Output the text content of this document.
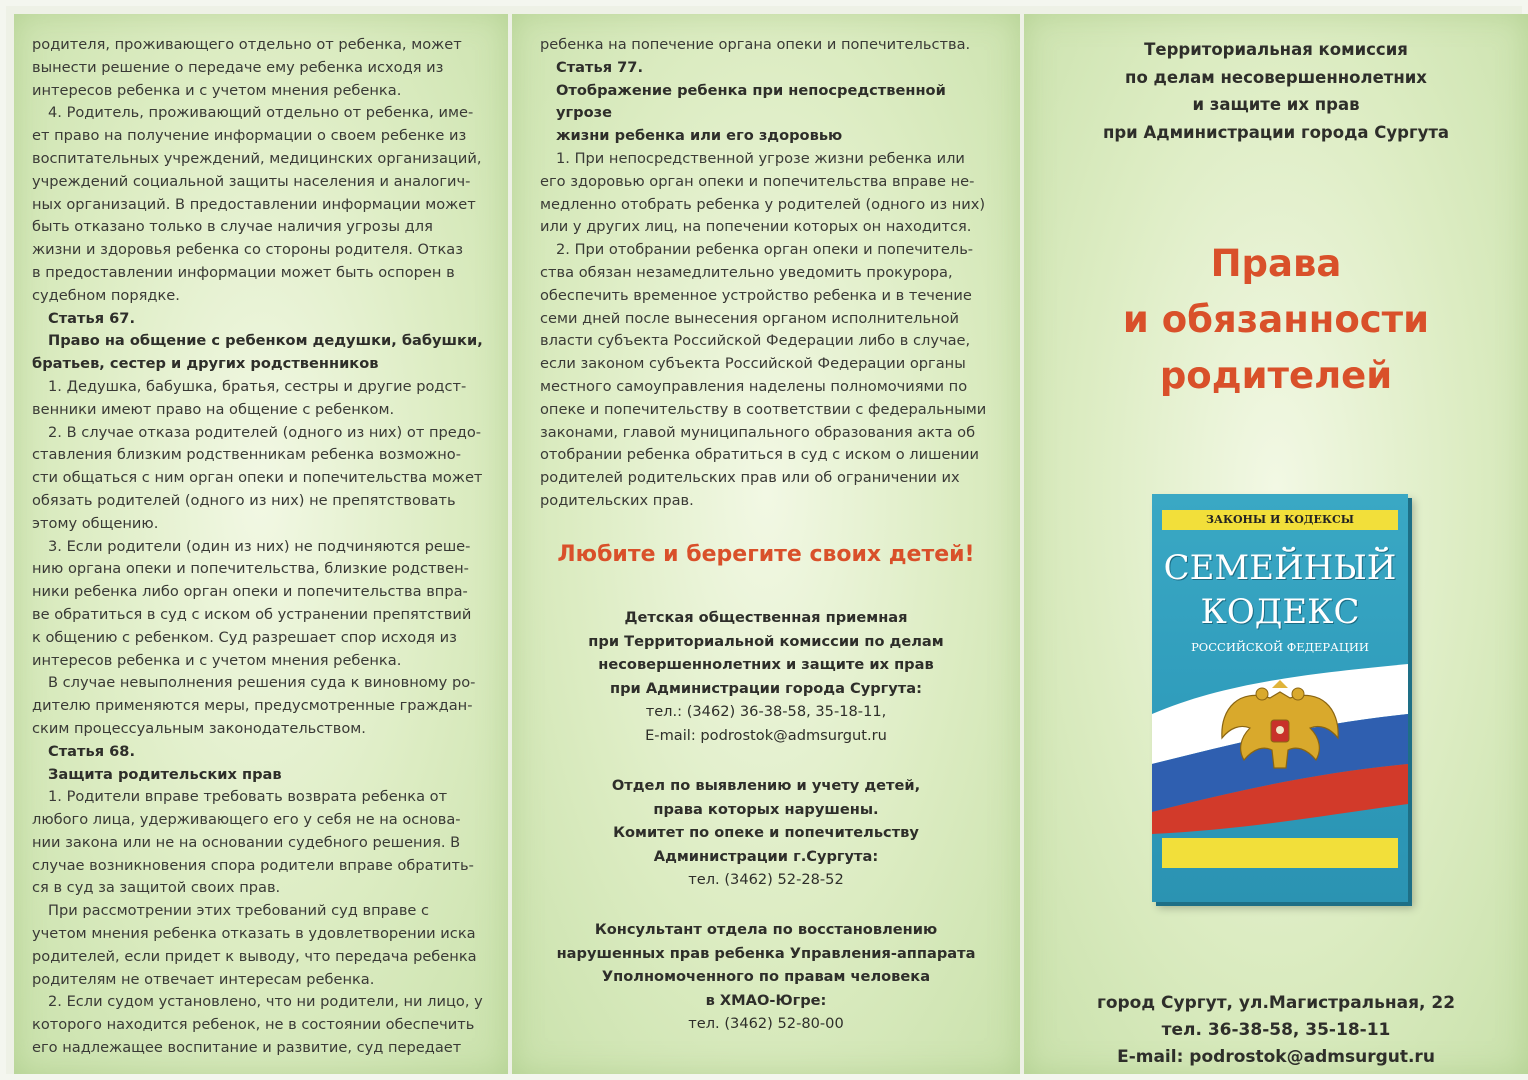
родителя, проживающего отдельно от ребенка, может

вынести решение о передаче ему ребенка исходя из

интересов ребенка и с учетом мнения ребенка.

4. Родитель, проживающий отдельно от ребенка, име-

ет право на получение информации о своем ребенке из

воспитательных учреждений, медицинских организаций,

учреждений социальной защиты населения и аналогич-

ных организаций. В предоставлении информации может

быть отказано только в случае наличия угрозы для

жизни и здоровья ребенка со стороны родителя. Отказ

в предоставлении информации может быть оспорен в

судебном порядке.

Статья 67.

Право на общение с ребенком дедушки, бабушки,

братьев, сестер и других родственников

1. Дедушка, бабушка, братья, сестры и другие родст-

венники имеют право на общение с ребенком.

2. В случае отказа родителей (одного из них) от предо-

ставления близким родственникам ребенка возможно-

сти общаться с ним орган опеки и попечительства может

обязать родителей (одного из них) не препятствовать

этому общению.

3. Если родители (один из них) не подчиняются реше-

нию органа опеки и попечительства, близкие родствен-

ники ребенка либо орган опеки и попечительства впра-

ве обратиться в суд с иском об устранении препятствий

к общению с ребенком. Суд разрешает спор исходя из

интересов ребенка и с учетом мнения ребенка.

В случае невыполнения решения суда к виновному ро-

дителю применяются меры, предусмотренные граждан-

ским процессуальным законодательством.

Статья 68.

Защита родительских прав

1. Родители вправе требовать возврата ребенка от

любого лица, удерживающего его у себя не на основа-

нии закона или не на основании судебного решения. В

случае возникновения спора родители вправе обратить-

ся в суд за защитой своих прав.

При рассмотрении этих требований суд вправе с

учетом мнения ребенка отказать в удовлетворении иска

родителей, если придет к выводу, что передача ребенка

родителям не отвечает интересам ребенка.

2. Если судом установлено, что ни родители, ни лицо, у

которого находится ребенок, не в состоянии обеспечить

его надлежащее воспитание и развитие, суд передает

ребенка на попечение органа опеки и попечительства.

Статья 77.

Отображение ребенка при непосредственной угрозе

жизни ребенка или его здоровью

1. При непосредственной угрозе жизни ребенка или

его здоровью орган опеки и попечительства вправе не-

медленно отобрать ребенка у родителей (одного из них)

или у других лиц, на попечении которых он находится.

2. При отобрании ребенка орган опеки и попечитель-

ства обязан незамедлительно уведомить прокурора,

обеспечить временное устройство ребенка и в течение

семи дней после вынесения органом исполнительной

власти субъекта Российской Федерации либо в случае,

если законом субъекта Российской Федерации органы

местного самоуправления наделены полномочиями по

опеке и попечительству в соответствии с федеральными

законами, главой муниципального образования акта об

отобрании ребенка обратиться в суд с иском о лишении

родителей родительских прав или об ограничении их

родительских прав.

Любите и берегите своих детей!
Детская общественная приемная
при Территориальной комиссии по делам
несовершеннолетних и защите их прав
при Администрации города Сургута:
тел.: (3462) 36-38-58, 35-18-11,
E-mail: podrostok@admsurgut.ru
Отдел по выявлению и учету детей,
права которых нарушены.
Комитет по опеке и попечительству
Администрации г.Сургута:
тел. (3462) 52-28-52
Консультант отдела по восстановлению
нарушенных прав ребенка Управления-аппарата
Уполномоченного по правам человека
в ХМАО-Югре:
тел. (3462) 52-80-00
Территориальная комиссия
по делам несовершеннолетних
и защите их прав
при Администрации города Сургута
Права
и обязанности
родителей
ЗАКОНЫ И КОДЕКСЫ
СЕМЕЙНЫЙ
КОДЕКС
РОССИЙСКОЙ ФЕДЕРАЦИИ
город Сургут, ул.Магистральная, 22
тел. 36-38-58, 35-18-11
E-mail: podrostok@admsurgut.ru
